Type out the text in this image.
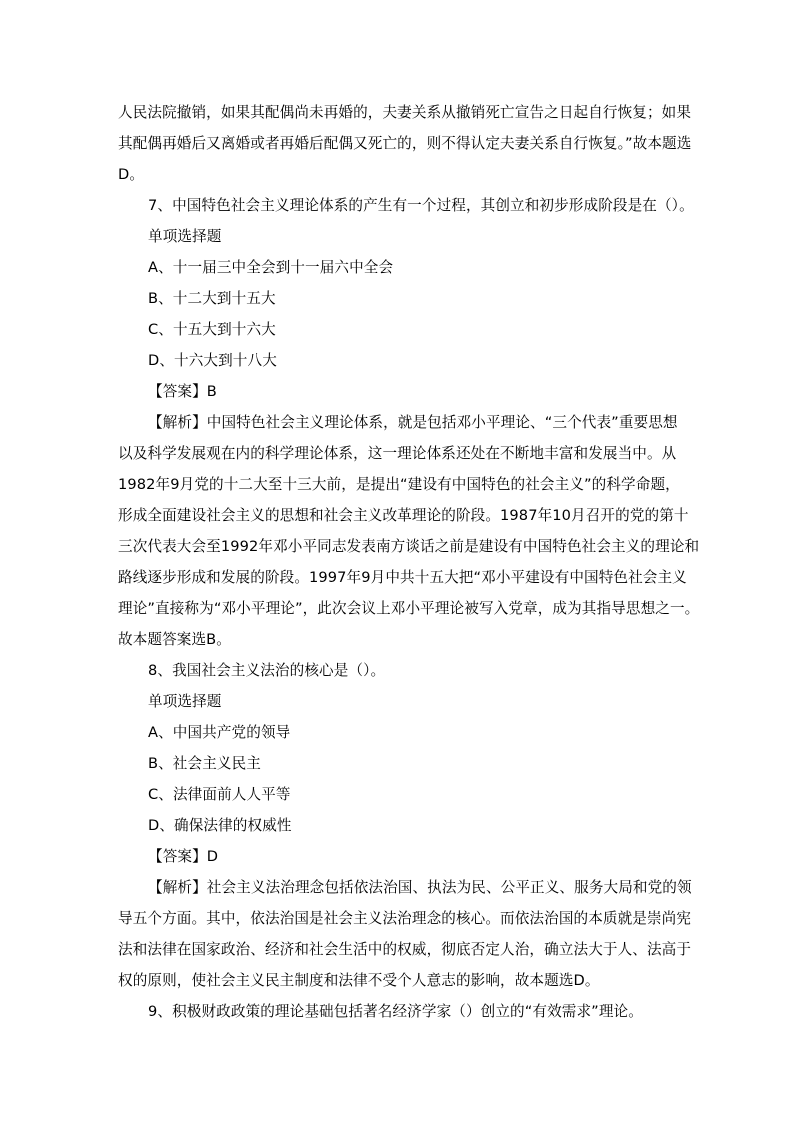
人民法院撤销，如果其配偶尚未再婚的，夫妻关系从撤销死亡宣告之日起自行恢复；如果
其配偶再婚后又离婚或者再婚后配偶又死亡的，则不得认定夫妻关系自行恢复。”故本题选
D。
7、中国特色社会主义理论体系的产生有一个过程，其创立和初步形成阶段是在（）。
单项选择题
A、十一届三中全会到十一届六中全会
B、十二大到十五大
C、十五大到十六大
D、十六大到十八大
【答案】B
【解析】中国特色社会主义理论体系，就是包括邓小平理论、“三个代表”重要思想
以及科学发展观在内的科学理论体系，这一理论体系还处在不断地丰富和发展当中。从
1982年9月党的十二大至十三大前，是提出“建设有中国特色的社会主义”的科学命题，
形成全面建设社会主义的思想和社会主义改革理论的阶段。1987年10月召开的党的第十
三次代表大会至1992年邓小平同志发表南方谈话之前是建设有中国特色社会主义的理论和
路线逐步形成和发展的阶段。1997年9月中共十五大把“邓小平建设有中国特色社会主义
理论”直接称为“邓小平理论”，此次会议上邓小平理论被写入党章，成为其指导思想之一。
故本题答案选B。
8、我国社会主义法治的核心是（）。
单项选择题
A、中国共产党的领导
B、社会主义民主
C、法律面前人人平等
D、确保法律的权威性
【答案】D
【解析】社会主义法治理念包括依法治国、执法为民、公平正义、服务大局和党的领
导五个方面。其中，依法治国是社会主义法治理念的核心。而依法治国的本质就是崇尚宪
法和法律在国家政治、经济和社会生活中的权威，彻底否定人治，确立法大于人、法高于
权的原则，使社会主义民主制度和法律不受个人意志的影响，故本题选D。
9、积极财政政策的理论基础包括著名经济学家（）创立的“有效需求”理论。
